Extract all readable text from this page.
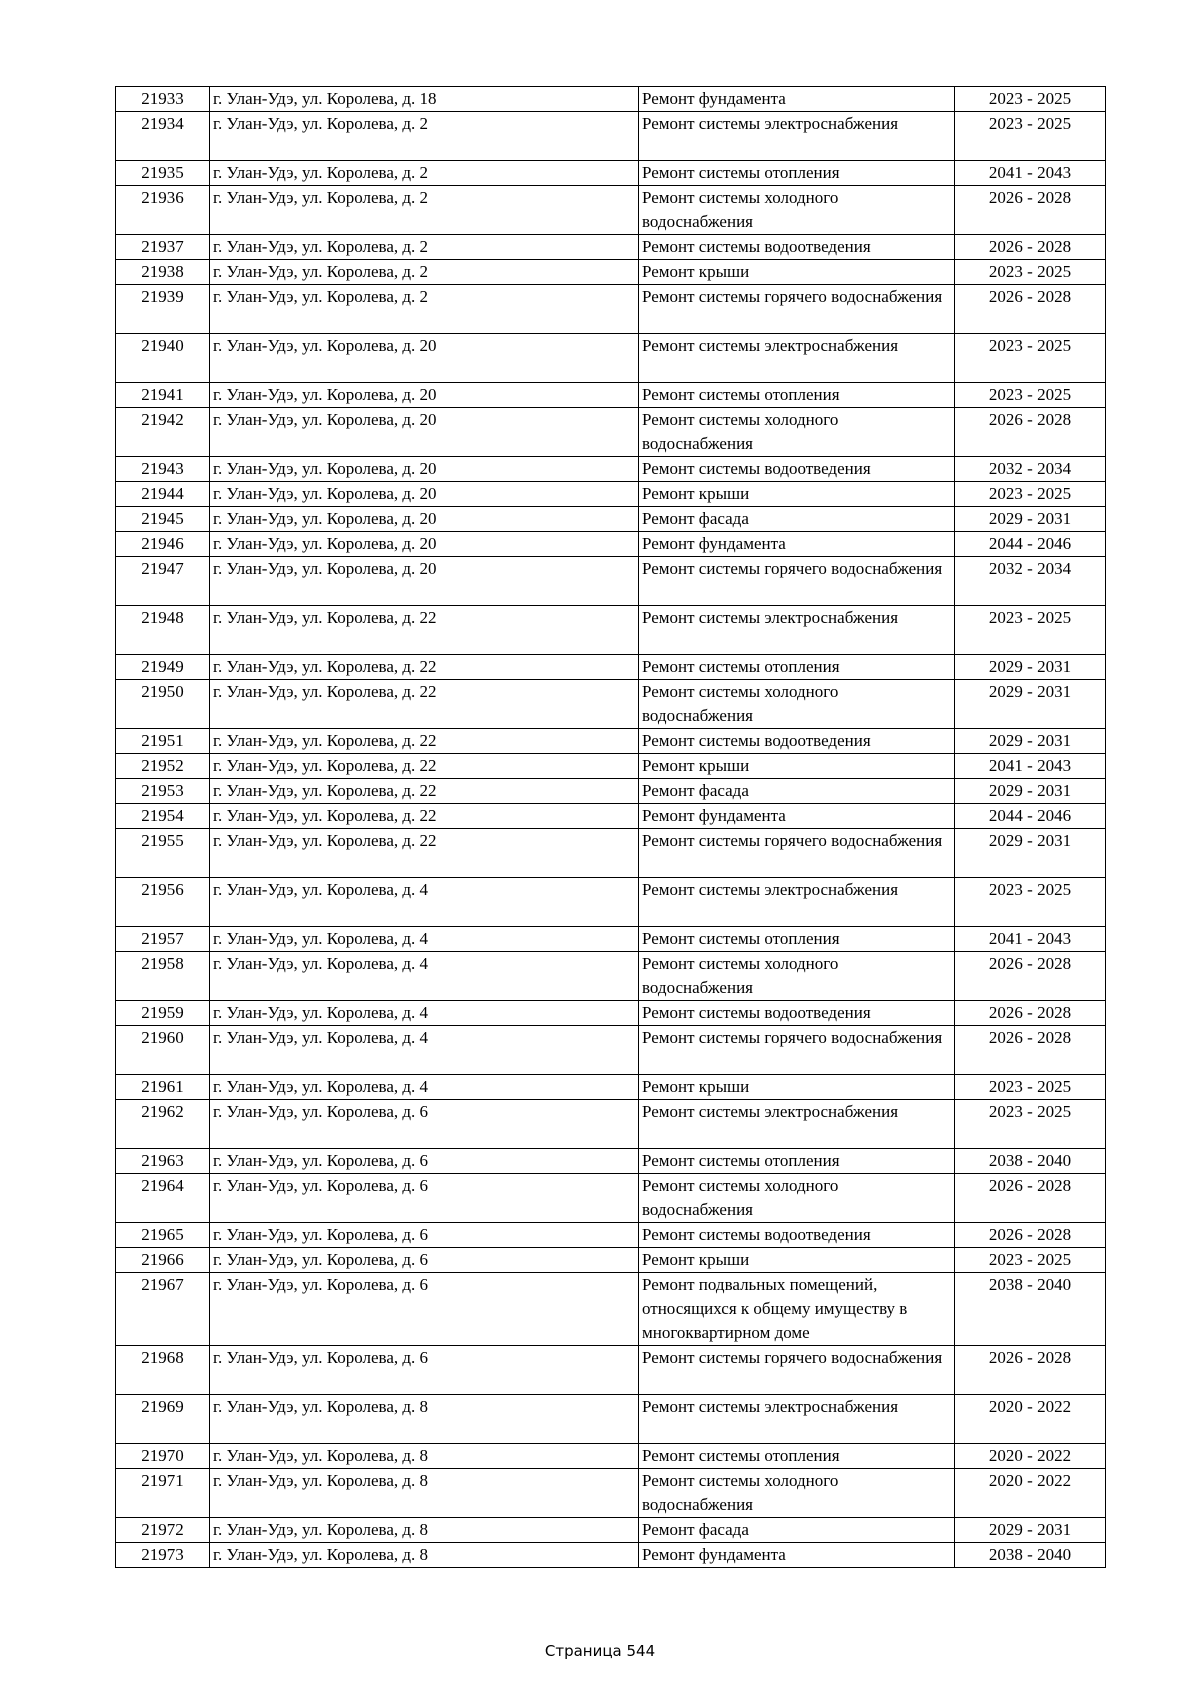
21933	г. Улан-Удэ, ул. Королева, д. 18	Ремонт фундамента	2023 - 2025
21934	г. Улан-Удэ, ул. Королева, д. 2	Ремонт системы электроснабжения	2023 - 2025
21935	г. Улан-Удэ, ул. Королева, д. 2	Ремонт системы отопления	2041 - 2043
21936	г. Улан-Удэ, ул. Королева, д. 2	Ремонт системы холодного водоснабжения	2026 - 2028
21937	г. Улан-Удэ, ул. Королева, д. 2	Ремонт системы водоотведения	2026 - 2028
21938	г. Улан-Удэ, ул. Королева, д. 2	Ремонт крыши	2023 - 2025
21939	г. Улан-Удэ, ул. Королева, д. 2	Ремонт системы горячего водоснабжения	2026 - 2028
21940	г. Улан-Удэ, ул. Королева, д. 20	Ремонт системы электроснабжения	2023 - 2025
21941	г. Улан-Удэ, ул. Королева, д. 20	Ремонт системы отопления	2023 - 2025
21942	г. Улан-Удэ, ул. Королева, д. 20	Ремонт системы холодного водоснабжения	2026 - 2028
21943	г. Улан-Удэ, ул. Королева, д. 20	Ремонт системы водоотведения	2032 - 2034
21944	г. Улан-Удэ, ул. Королева, д. 20	Ремонт крыши	2023 - 2025
21945	г. Улан-Удэ, ул. Королева, д. 20	Ремонт фасада	2029 - 2031
21946	г. Улан-Удэ, ул. Королева, д. 20	Ремонт фундамента	2044 - 2046
21947	г. Улан-Удэ, ул. Королева, д. 20	Ремонт системы горячего водоснабжения	2032 - 2034
21948	г. Улан-Удэ, ул. Королева, д. 22	Ремонт системы электроснабжения	2023 - 2025
21949	г. Улан-Удэ, ул. Королева, д. 22	Ремонт системы отопления	2029 - 2031
21950	г. Улан-Удэ, ул. Королева, д. 22	Ремонт системы холодного водоснабжения	2029 - 2031
21951	г. Улан-Удэ, ул. Королева, д. 22	Ремонт системы водоотведения	2029 - 2031
21952	г. Улан-Удэ, ул. Королева, д. 22	Ремонт крыши	2041 - 2043
21953	г. Улан-Удэ, ул. Королева, д. 22	Ремонт фасада	2029 - 2031
21954	г. Улан-Удэ, ул. Королева, д. 22	Ремонт фундамента	2044 - 2046
21955	г. Улан-Удэ, ул. Королева, д. 22	Ремонт системы горячего водоснабжения	2029 - 2031
21956	г. Улан-Удэ, ул. Королева, д. 4	Ремонт системы электроснабжения	2023 - 2025
21957	г. Улан-Удэ, ул. Королева, д. 4	Ремонт системы отопления	2041 - 2043
21958	г. Улан-Удэ, ул. Королева, д. 4	Ремонт системы холодного водоснабжения	2026 - 2028
21959	г. Улан-Удэ, ул. Королева, д. 4	Ремонт системы водоотведения	2026 - 2028
21960	г. Улан-Удэ, ул. Королева, д. 4	Ремонт системы горячего водоснабжения	2026 - 2028
21961	г. Улан-Удэ, ул. Королева, д. 4	Ремонт крыши	2023 - 2025
21962	г. Улан-Удэ, ул. Королева, д. 6	Ремонт системы электроснабжения	2023 - 2025
21963	г. Улан-Удэ, ул. Королева, д. 6	Ремонт системы отопления	2038 - 2040
21964	г. Улан-Удэ, ул. Королева, д. 6	Ремонт системы холодного водоснабжения	2026 - 2028
21965	г. Улан-Удэ, ул. Королева, д. 6	Ремонт системы водоотведения	2026 - 2028
21966	г. Улан-Удэ, ул. Королева, д. 6	Ремонт крыши	2023 - 2025
21967	г. Улан-Удэ, ул. Королева, д. 6	Ремонт подвальных помещений, относящихся к общему имуществу в многоквартирном доме	2038 - 2040
21968	г. Улан-Удэ, ул. Королева, д. 6	Ремонт системы горячего водоснабжения	2026 - 2028
21969	г. Улан-Удэ, ул. Королева, д. 8	Ремонт системы электроснабжения	2020 - 2022
21970	г. Улан-Удэ, ул. Королева, д. 8	Ремонт системы отопления	2020 - 2022
21971	г. Улан-Удэ, ул. Королева, д. 8	Ремонт системы холодного водоснабжения	2020 - 2022
21972	г. Улан-Удэ, ул. Королева, д. 8	Ремонт фасада	2029 - 2031
21973	г. Улан-Удэ, ул. Королева, д. 8	Ремонт фундамента	2038 - 2040
Страница 544
